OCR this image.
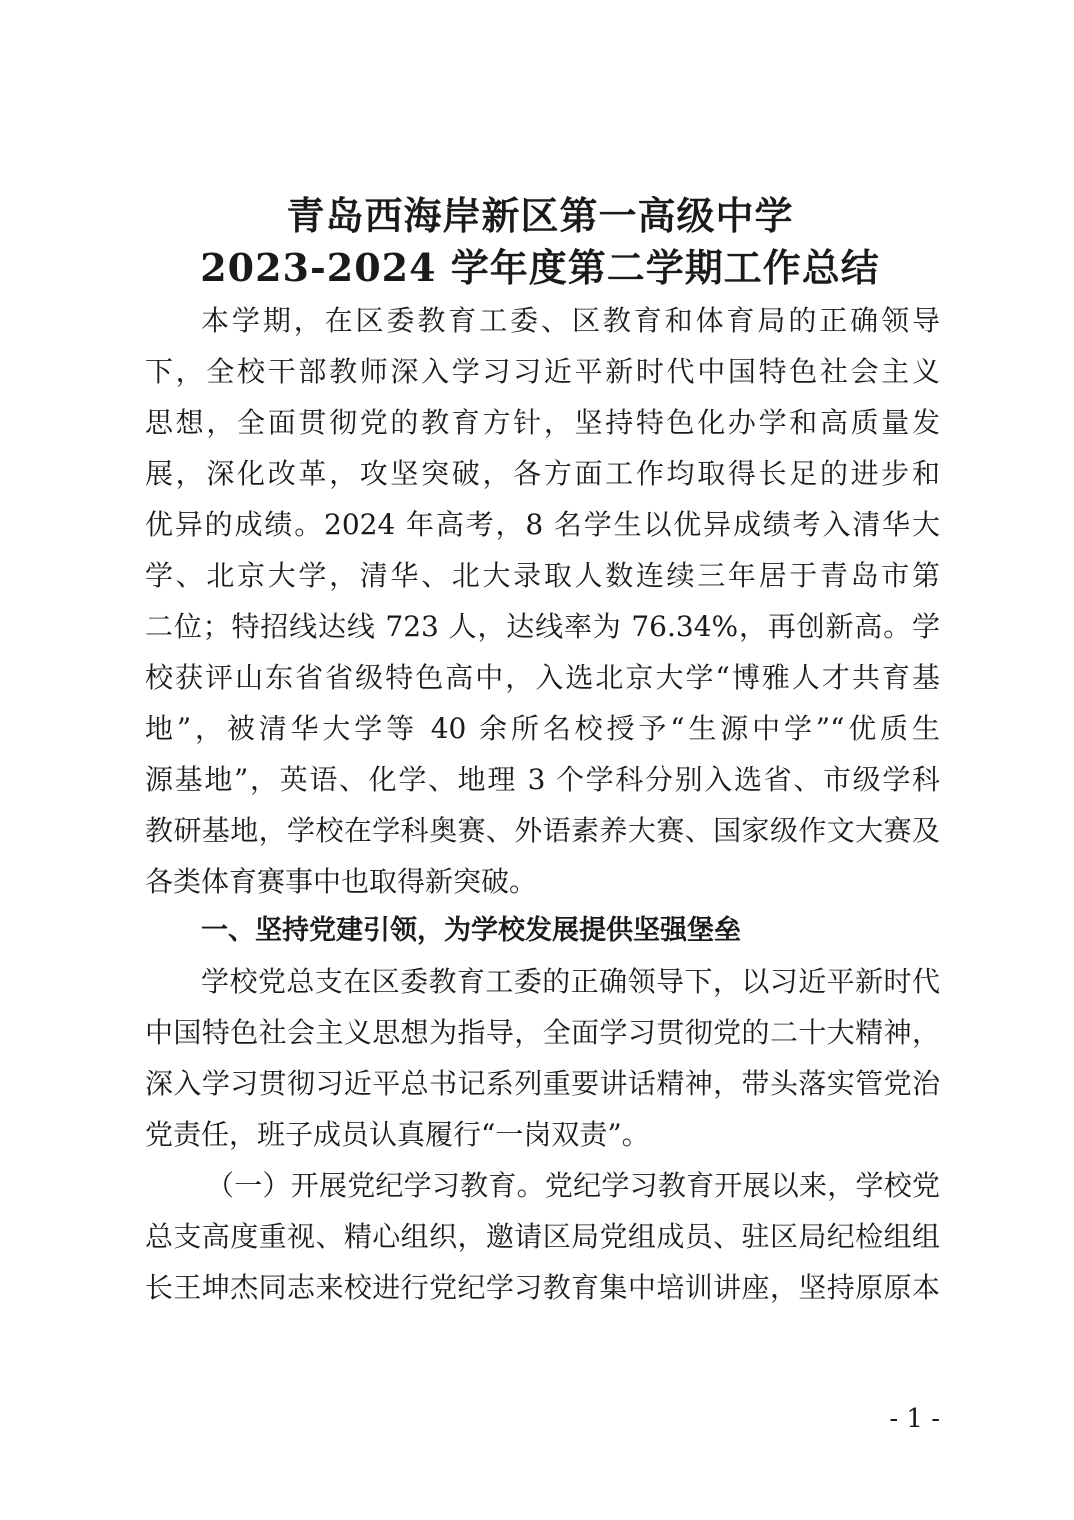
青岛西海岸新区第一高级中学
2023-2024 学年度第二学期工作总结
本学期，在区委教育工委、区教育和体育局的正确领导
下，全校干部教师深入学习习近平新时代中国特色社会主义
思想，全面贯彻党的教育方针，坚持特色化办学和高质量发
展，深化改革，攻坚突破，各方面工作均取得长足的进步和
优异的成绩。2024 年高考，8 名学生以优异成绩考入清华大
学、北京大学，清华、北大录取人数连续三年居于青岛市第
二位；特招线达线 723 人，达线率为 76.34%，再创新高。学
校获评山东省省级特色高中，入选北京大学“博雅人才共育基
地”，被清华大学等 40 余所名校授予“生源中学”“优质生
源基地”，英语、化学、地理 3 个学科分别入选省、市级学科
教研基地，学校在学科奥赛、外语素养大赛、国家级作文大赛及
各类体育赛事中也取得新突破。
一、坚持党建引领，为学校发展提供坚强堡垒
学校党总支在区委教育工委的正确领导下，以习近平新时代
中国特色社会主义思想为指导，全面学习贯彻党的二十大精神，
深入学习贯彻习近平总书记系列重要讲话精神，带头落实管党治
党责任，班子成员认真履行“一岗双责”。
（一）开展党纪学习教育。党纪学习教育开展以来，学校党
总支高度重视、精心组织，邀请区局党组成员、驻区局纪检组组
长王坤杰同志来校进行党纪学习教育集中培训讲座，坚持原原本
- 1 -
